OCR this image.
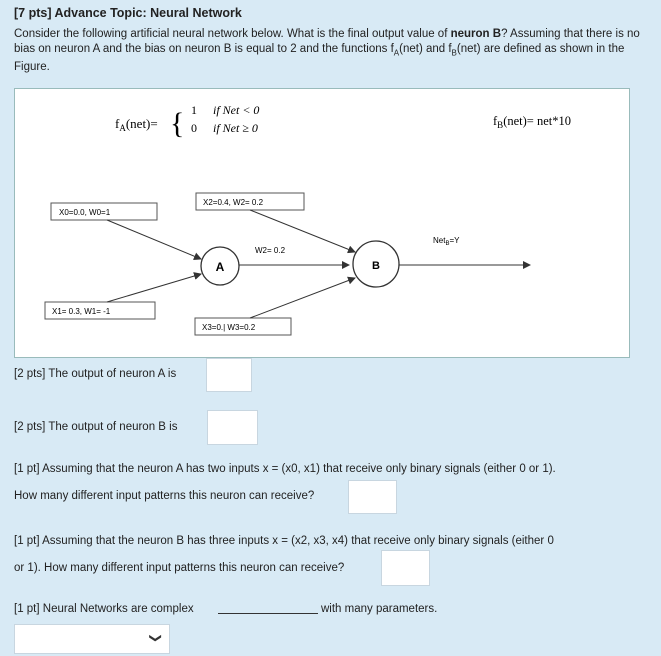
[7 pts] Advance Topic: Neural Network
Consider the following artificial neural network below. What is the final output value of neuron B? Assuming that there is no bias on neuron A and the bias on neuron B is equal to 2 and the functions $f_A(net)$ and $f_B(net)$ are defined as shown in the Figure.
$f_A(net)=$ { 1 if Net < 0
0 if Net ≥ 0	$f_B(net)= net*10$
X0=0.0, W0=1
X1= 0.3, W1= -1
X2=0.4, W2= 0.2
X3=0.| W3=0.2
W2= 0.2
Net$_B$=Y
A	B
[2 pts] The output of neuron A is
[2 pts] The output of neuron B is
[1 pt] Assuming that the neuron A has two inputs x = (x0, x1) that receive only binary signals (either 0 or 1).
How many different input patterns this neuron can receive?
[1 pt] Assuming that the neuron B has three inputs x = (x2, x3, x4) that receive only binary signals (either 0
or 1). How many different input patterns this neuron can receive?
[1 pt] Neural Networks are complex	with many parameters.
❯
